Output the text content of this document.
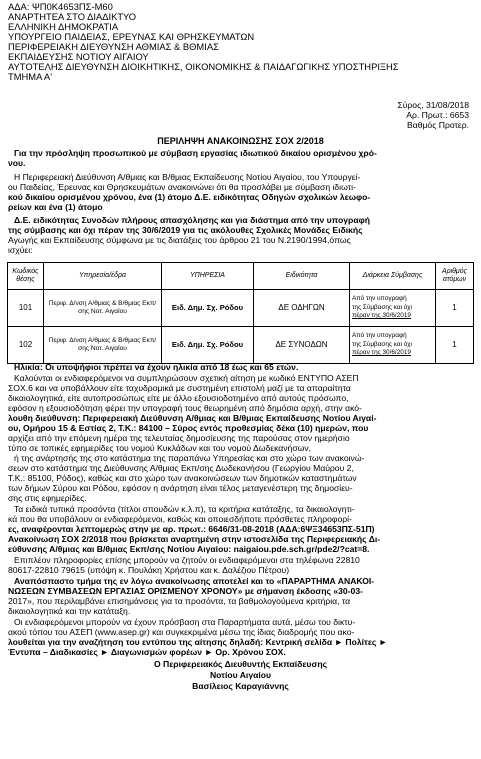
ΑΔΑ: ΨΠ0Κ4653ΠΣ-Μ60
ΑΝΑΡΤΗΤΕΑ ΣΤΟ ΔΙΑΔΙΚΤΥΟ
ΕΛΛΗΝΙΚΗ ΔΗΜΟΚΡΑΤΙΑ
ΥΠΟΥΡΓΕΙΟ ΠΑΙΔΕΙΑΣ, ΕΡΕΥΝΑΣ ΚΑΙ ΘΡΗΣΚΕΥΜΑΤΩΝ
ΠΕΡΙΦΕΡΕΙΑΚΗ ΔΙΕΥΘΥΝΣΗ ΑΘΜΙΑΣ & ΒΘΜΙΑΣ
ΕΚΠΑΙΔΕΥΣΗΣ ΝΟΤΙΟΥ ΑΙΓΑΙΟΥ
ΑΥΤΟΤΕΛΗΣ ΔΙΕΥΘΥΝΣΗ ΔΙΟΙΚΗΤΙΚΗΣ, ΟΙΚΟΝΟΜΙΚΗΣ & ΠΑΙΔΑΓΩΓΙΚΗΣ ΥΠΟΣΤΗΡΙΞΗΣ
ΤΜΗΜΑ Α'
Σύρος, 31/08/2018
Αρ. Πρωτ.: 6653
Βαθμός Προτερ.
ΠΕΡΙΛΗΨΗ ΑΝΑΚΟΙΝΩΣΗΣ ΣΟΧ 2/2018
Για την πρόσληψη προσωπικού με σύμβαση εργασίας ιδιωτικού δικαίου ορισμένου χρό-
νου.
Η Περιφερειακή Διεύθυνση Α/θμιας και Β/θμιας Εκπαίδευσης Νοτίου Αιγαίου, του Υπουργεί-
ου Παιδείας, Έρευνας και Θρησκευμάτων ανακοινώνει ότι θα προσλάβει με σύμβαση ιδιωτι-
κού δικαίου ορισμένου χρόνου, ένα (1) άτομο Δ.Ε. ειδικότητας Οδηγών σχολικών λεωφο-
ρείων και ένα (1) άτομο
Δ.Ε. ειδικότητας Συνοδών πλήρους απασχόλησης και για διάστημα από την υπογραφή
της σύμβασης και όχι πέραν της 30/6/2019 για τις ακόλουθες Σχολικές Μονάδες Ειδικής
Αγωγής και Εκπαίδευσης σύμφωνα με τις διατάξεις του άρθρου 21 του Ν.2190/1994,όπως
ισχύει:
Κωδικός θέσης	Υπηρεσία/έδρα	ΥΠΗΡΕΣΙΑ	Ειδικότητα	Διάρκεια Σύμβασης	Αριθμός ατόμων
101	Περιφ. Δ/νση Α/θμιας & Β/θμιας Εκπ/σης Νοτ. Αιγαίου	Ειδ. Δημ. Σχ. Ρόδου	ΔΕ ΟΔΗΓΩΝ	Από την υπογραφή
της Σύμβασης και όχι
πέραν της 30/6/2019	1
102	Περιφ. Δ/νση Α/θμιας & Β/θμιας Εκπ/σης Νοτ. Αιγαίου	Ειδ. Δημ. Σχ. Ρόδου	ΔΕ ΣΥΝΟΔΩΝ	Από την υπογραφή
της Σύμβασης και όχι
πέραν της 30/6/2019	1
Ηλικία: Οι υποψήφιοι πρέπει να έχουν ηλικία από 18 έως και 65 ετών.
Καλούνται οι ενδιαφερόμενοι να συμπληρώσουν σχετική αίτηση με κωδικό ΕΝΤΥΠΟ ΑΣΕΠ
ΣΟΧ.6 και να υποβάλλουν είτε ταχυδρομικά με συστημένη επιστολή μαζί με τα απαραίτητα
δικαιολογητικά, είτε αυτοπροσώπως είτε με άλλο εξουσιοδοτημένο από αυτούς πρόσωπο,
εφόσον η εξουσιοδότηση φέρει την υπογραφή τους θεωρημένη από δημόσια αρχή, στην ακό-
λουθη διεύθυνση: Περιφερειακή Διεύθυνση Α/θμιας και Β/θμιας Εκπαίδευσης Νοτίου Αιγαί-
ου, Ομήρου 15 & Εστίας 2, Τ.Κ.: 84100 – Σύρος εντός προθεσμίας δέκα (10) ημερών, που
αρχίζει από την επόμενη ημέρα της τελευταίας δημοσίευσης της παρούσας στον ημερήσιο
τύπο σε τοπικές εφημερίδες του νομού Κυκλάδων και του νομού Δωδεκανήσων,
ή της ανάρτησής της στο κατάστημα της παραπάνω Υπηρεσίας και στο χώρο των ανακοινώ-
σεων στο κατάστημα της Διεύθυνσης Α/θμιας Εκπ/σης Δωδεκανήσου (Γεωργίου Μαύρου 2,
Τ.Κ.: 85100, Ρόδος), καθώς και στο χώρο των ανακοινώσεων των δημοτικών καταστημάτων
των δήμων Σύρου και Ρόδου, εφόσον η ανάρτηση είναι τέλος μεταγενέστερη της δημοσίευ-
σης στις εφημερίδες.
Τα ειδικά τυπικά προσόντα (τίτλοι σπουδών κ.λ.π), τα κριτήρια κατάταξης, τα δικαιολογητι-
κά που θα υποβάλουν οι ενδιαφερόμενοι, καθώς και οποιεσδήποτε πρόσθετες πληροφορί-
ες, αναφέρονται λεπτομερώς στην με αρ. πρωτ.: 6646/31-08-2018 (ΑΔΑ:6ΨΞ34653ΠΣ-51Π)
Ανακοίνωση ΣΟΧ 2/2018 που βρίσκεται αναρτημένη στην ιστοσελίδα της Περιφερειακής Δι-
εύθυνσης Α/θμιας και Β/θμιας Εκπ/σης Νοτίου Αιγαίου: naigaiou.pde.sch.gr/pde2/?cat=8.
Επιπλέον πληροφορίες επίσης μπορούν να ζητούν οι ενδιαφερόμενοι στα τηλέφωνα 22810
80617-22810 79615 (υπόψη κ. Πουλάκη Χρήστου και κ. Δαλέζιου Πέτρου)
Αναπόσπαστο τμήμα της εν λόγω ανακοίνωσης αποτελεί και το «ΠΑΡΑΡΤΗΜΑ ΑΝΑΚΟΙ-
ΝΩΣΕΩΝ ΣΥΜΒΑΣΕΩΝ ΕΡΓΑΣΙΑΣ ΟΡΙΣΜΕΝΟΥ ΧΡΟΝΟΥ» με σήμανση έκδοσης «30-03-
2017», που περιλαμβάνει επισημάνσεις για τα προσόντα, τα βαθμολογούμενα κριτήρια, τα
δικαιολογητικά και την κατάταξη.
Οι ενδιαφερόμενοι μπορούν να έχουν πρόσβαση στα Παραρτήματα αυτά, μέσω του δικτυ-
ακού τόπου του ΑΣΕΠ (www.asep.gr) και συγκεκριμένα μέσω της ίδιας διαδρομής που ακο-
λουθείται για την αναζήτηση του εντύπου της αίτησης δηλαδή: Κεντρική σελίδα ► Πολίτες ►
Έντυπα – Διαδικασίες ► Διαγωνισμών φορέων ► Ορ. Χρόνου ΣΟΧ.
Ο Περιφερειακός Διευθυντής Εκπαίδευσης
Νοτίου Αιγαίου
Βασίλειος Καραγιάννης
